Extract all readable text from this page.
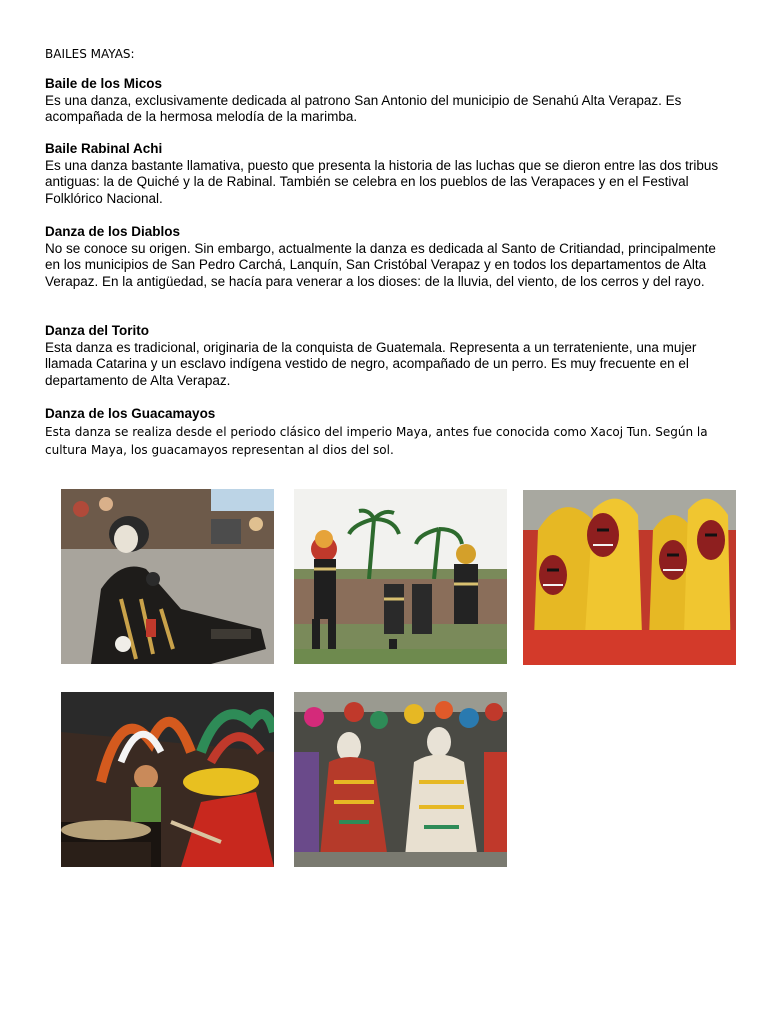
BAILES MAYAS:
Baile de los Micos

Es una danza, exclusivamente dedicada al patrono San Antonio del municipio de Senahú Alta Verapaz. Es acompañada de la hermosa melodía de la marimba.

Baile Rabinal Achi

Es una danza bastante llamativa, puesto que presenta la historia de las luchas que se dieron entre las dos tribus antiguas: la de Quiché y la de Rabinal. También se celebra en los pueblos de las Verapaces y en el Festival Folklórico Nacional.

Danza de los Diablos

No se conoce su origen. Sin embargo, actualmente la danza es dedicada al Santo de Critiandad, principalmente en los municipios de San Pedro Carchá, Lanquín, San Cristóbal Verapaz y en todos los departamentos de Alta Verapaz. En la antigüedad, se hacía para venerar a los dioses: de la lluvia, del viento, de los cerros y del rayo.

Danza del Torito

Esta danza es tradicional, originaria de la conquista de Guatemala. Representa a un terrateniente, una mujer llamada Catarina y un esclavo indígena vestido de negro, acompañado de un perro. Es muy frecuente en el departamento de Alta Verapaz.

Danza de los Guacamayos

Esta danza se realiza desde el periodo clásico del imperio Maya, antes fue conocida como Xacoj Tun. Según la cultura Maya, los guacamayos representan al dios del sol.
